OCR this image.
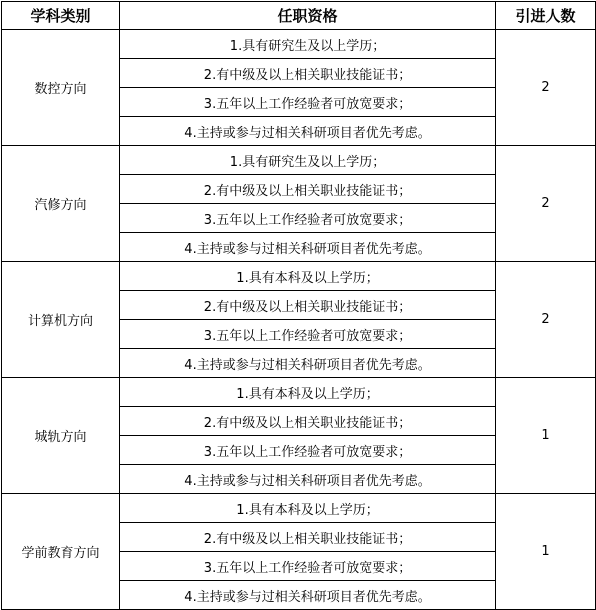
学科类别	任职资格	引进人数
数控方向	1.具有研究生及以上学历；	2
	2.有中级及以上相关职业技能证书；	
	3.五年以上工作经验者可放宽要求；	
	4.主持或参与过相关科研项目者优先考虑。	
汽修方向	1.具有研究生及以上学历；	2
	2.有中级及以上相关职业技能证书；	
	3.五年以上工作经验者可放宽要求；	
	4.主持或参与过相关科研项目者优先考虑。	
计算机方向	1.具有本科及以上学历；	2
	2.有中级及以上相关职业技能证书；	
	3.五年以上工作经验者可放宽要求；	
	4.主持或参与过相关科研项目者优先考虑。	
城轨方向	1.具有本科及以上学历；	1
	2.有中级及以上相关职业技能证书；	
	3.五年以上工作经验者可放宽要求；	
	4.主持或参与过相关科研项目者优先考虑。	
学前教育方向	1.具有本科及以上学历；	1
	2.有中级及以上相关职业技能证书；	
	3.五年以上工作经验者可放宽要求；	
	4.主持或参与过相关科研项目者优先考虑。	
